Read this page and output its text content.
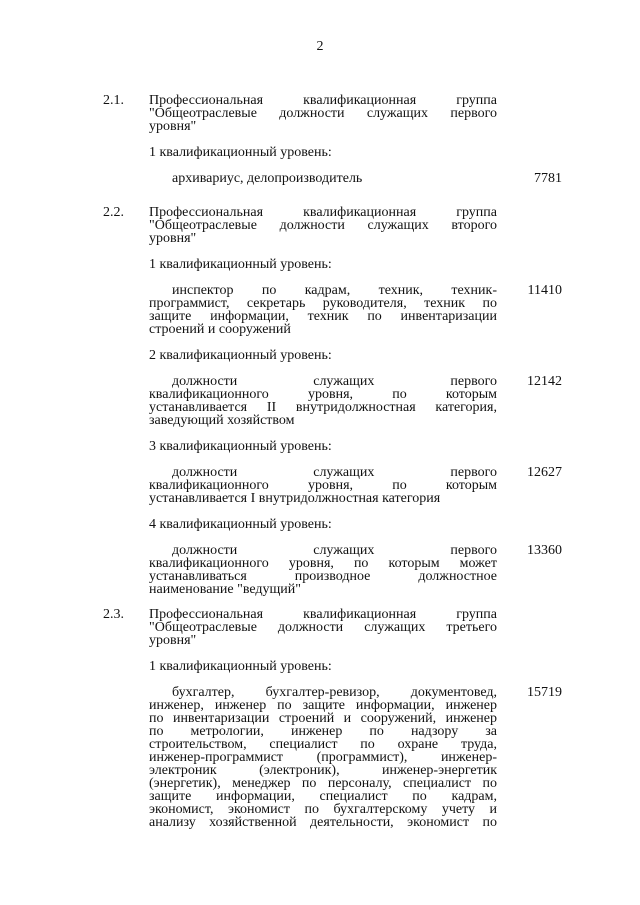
2
2.1. Профессиональная квалификационная группа
"Общеотраслевые должности служащих первого
уровня"
1 квалификационный уровень:
архивариус, делопроизводитель	7781
2.2. Профессиональная квалификационная группа
"Общеотраслевые должности служащих второго
уровня"
1 квалификационный уровень:
инспектор по кадрам, техник, техник-
программист, секретарь руководителя, техник по
защите информации, техник по инвентаризации
строений и сооружений
11410
2 квалификационный уровень:
должности служащих первого
квалификационного уровня, по которым
устанавливается II внутридолжностная категория,
заведующий хозяйством
12142
3 квалификационный уровень:
должности служащих первого
квалификационного уровня, по которым
устанавливается I внутридолжностная категория
12627
4 квалификационный уровень:
должности служащих первого
квалификационного уровня, по которым может
устанавливаться производное должностное
наименование "ведущий"
13360
2.3. Профессиональная квалификационная группа
"Общеотраслевые должности служащих третьего
уровня"
1 квалификационный уровень:
бухгалтер, бухгалтер-ревизор, документовед,
инженер, инженер по защите информации, инженер
по инвентаризации строений и сооружений, инженер
по метрологии, инженер по надзору за
строительством, специалист по охране труда,
инженер-программист (программист), инженер-
электроник (электроник), инженер-энергетик
(энергетик), менеджер по персоналу, специалист по
защите информации, специалист по кадрам,
экономист, экономист по бухгалтерскому учету и
анализу хозяйственной деятельности, экономист по
15719
